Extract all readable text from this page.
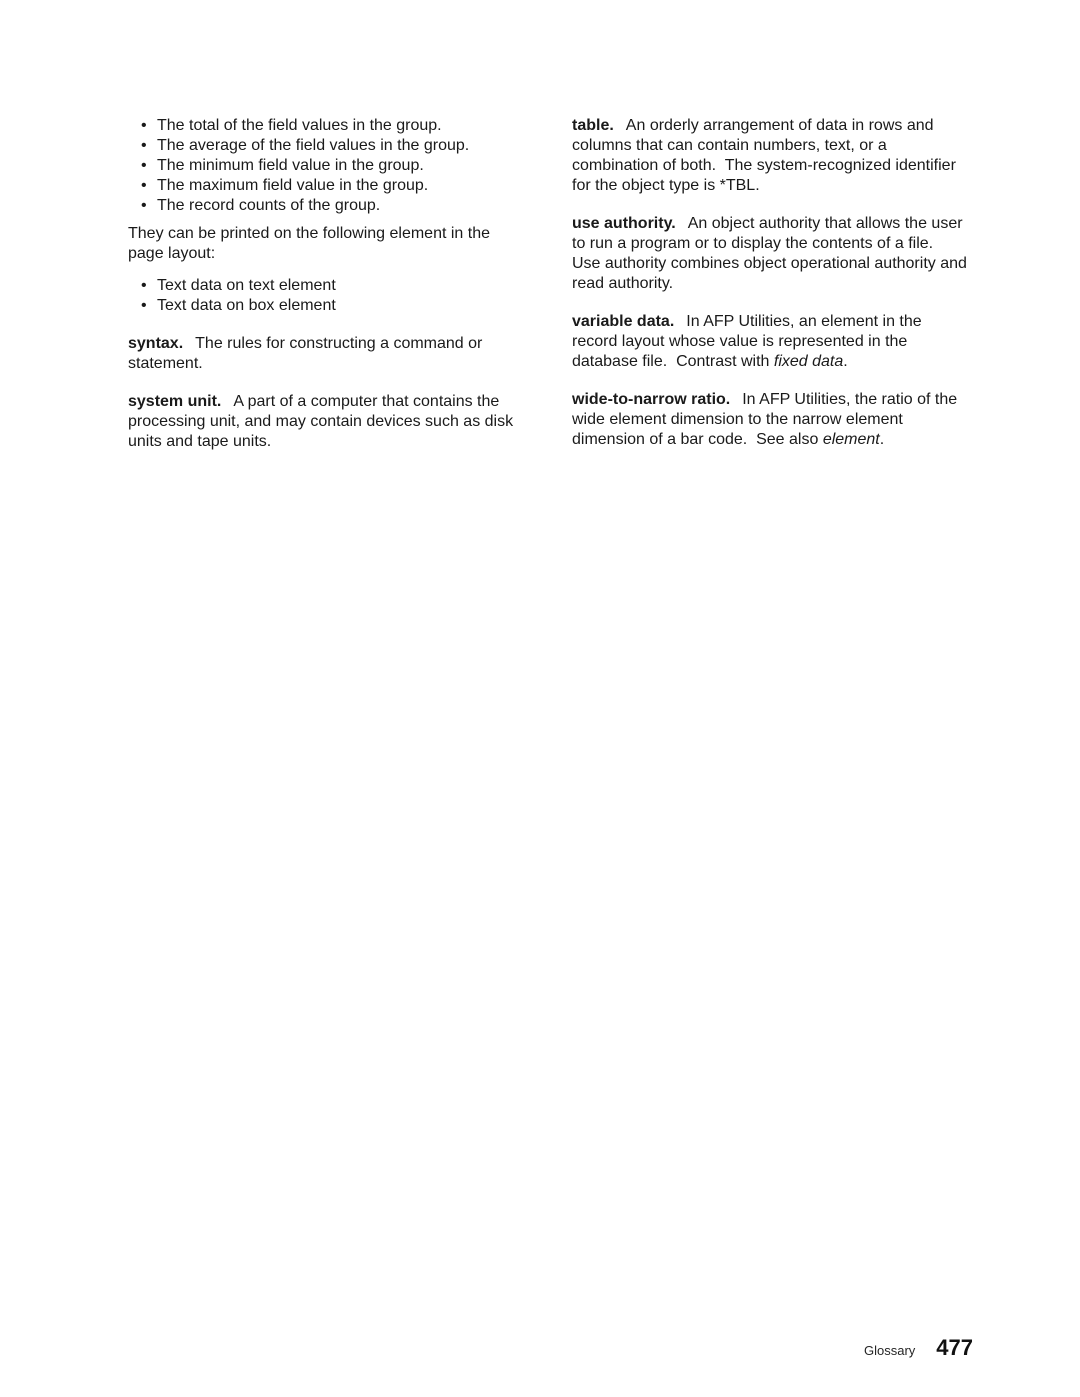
• The total of the field values in the group.
• The average of the field values in the group.
• The minimum field value in the group.
• The maximum field value in the group.
• The record counts of the group.

They can be printed on the following element in the page layout:

• Text data on text element
• Text data on box element

syntax. The rules for constructing a command or statement.

system unit. A part of a computer that contains the processing unit, and may contain devices such as disk units and tape units.

table. An orderly arrangement of data in rows and columns that can contain numbers, text, or a combination of both.  The system-recognized identifier for the object type is *TBL.

use authority. An object authority that allows the user to run a program or to display the contents of a file.  Use authority combines object operational authority and read authority.

variable data. In AFP Utilities, an element in the record layout whose value is represented in the database file.  Contrast with fixed data.

wide-to-narrow ratio. In AFP Utilities, the ratio of the wide element dimension to the narrow element dimension of a bar code.  See also element.

Glossary 477
